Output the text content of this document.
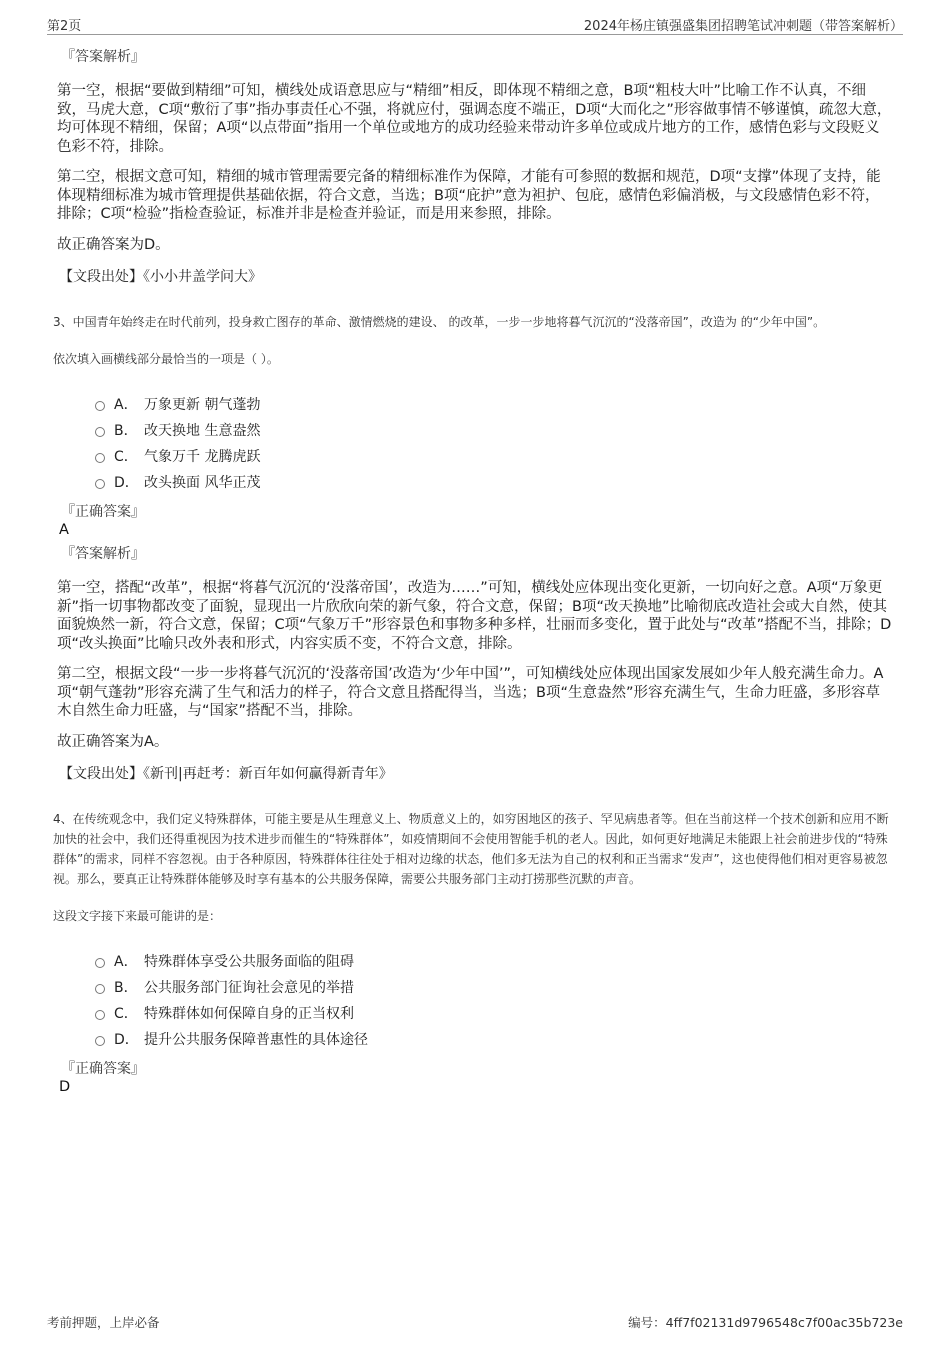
第2页	2024年杨庄镇强盛集团招聘笔试冲刺题（带答案解析）
『答案解析』

第一空，根据“要做到精细”可知，横线处成语意思应与“精细”相反，即体现不精细之意，B项“粗枝大叶”比喻工作不认真，不细致，马虎大意，C项“敷衍了事”指办事责任心不强，将就应付，强调态度不端正，D项“大而化之”形容做事情不够谨慎，疏忽大意，均可体现不精细，保留；A项“以点带面”指用一个单位或地方的成功经验来带动许多单位或成片地方的工作，感情色彩与文段贬义色彩不符，排除。

第二空，根据文意可知，精细的城市管理需要完备的精细标准作为保障，才能有可参照的数据和规范，D项“支撑”体现了支持，能体现精细标准为城市管理提供基础依据，符合文意，当选；B项“庇护”意为袒护、包庇，感情色彩偏消极，与文段感情色彩不符，排除；C项“检验”指检查验证，标准并非是检查并验证，而是用来参照，排除。

故正确答案为D。

【文段出处】《小小井盖学问大》
3、中国青年始终走在时代前列，投身救亡图存的革命、激情燃烧的建设、 的改革，一步一步地将暮气沉沉的“没落帝国”，改造为 的“少年中国”。
依次填入画横线部分最恰当的一项是（ ）。
A． 万象更新 朝气蓬勃
B． 改天换地 生意盎然
C． 气象万千 龙腾虎跃
D． 改头换面 风华正茂
『正确答案』
A
『答案解析』

第一空，搭配“改革”，根据“将暮气沉沉的‘没落帝国’，改造为……”可知，横线处应体现出变化更新，一切向好之意。A项“万象更新”指一切事物都改变了面貌，显现出一片欣欣向荣的新气象，符合文意，保留；B项“改天换地”比喻彻底改造社会或大自然，使其面貌焕然一新，符合文意，保留；C项“气象万千”形容景色和事物多种多样，壮丽而多变化，置于此处与“改革”搭配不当，排除；D项“改头换面”比喻只改外表和形式，内容实质不变，不符合文意，排除。

第二空，根据文段“一步一步将暮气沉沉的‘没落帝国’改造为‘少年中国’”，可知横线处应体现出国家发展如少年人般充满生命力。A项“朝气蓬勃”形容充满了生气和活力的样子，符合文意且搭配得当，当选；B项“生意盎然”形容充满生气，生命力旺盛，多形容草木自然生命力旺盛，与“国家”搭配不当，排除。

故正确答案为A。

【文段出处】《新刊|再赶考：新百年如何赢得新青年》
4、在传统观念中，我们定义特殊群体，可能主要是从生理意义上、物质意义上的，如穷困地区的孩子、罕见病患者等。但在当前这样一个技术创新和应用不断加快的社会中，我们还得重视因为技术进步而催生的“特殊群体”，如疫情期间不会使用智能手机的老人。因此，如何更好地满足未能跟上社会前进步伐的“特殊群体”的需求，同样不容忽视。由于各种原因，特殊群体往往处于相对边缘的状态，他们多无法为自己的权利和正当需求“发声”，这也使得他们相对更容易被忽视。那么，要真正让特殊群体能够及时享有基本的公共服务保障，需要公共服务部门主动打捞那些沉默的声音。
这段文字接下来最可能讲的是：
A． 特殊群体享受公共服务面临的阻碍
B． 公共服务部门征询社会意见的举措
C． 特殊群体如何保障自身的正当权利
D． 提升公共服务保障普惠性的具体途径
『正确答案』
D
考前押题，上岸必备	编号：4ff7f02131d9796548c7f00ac35b723e
